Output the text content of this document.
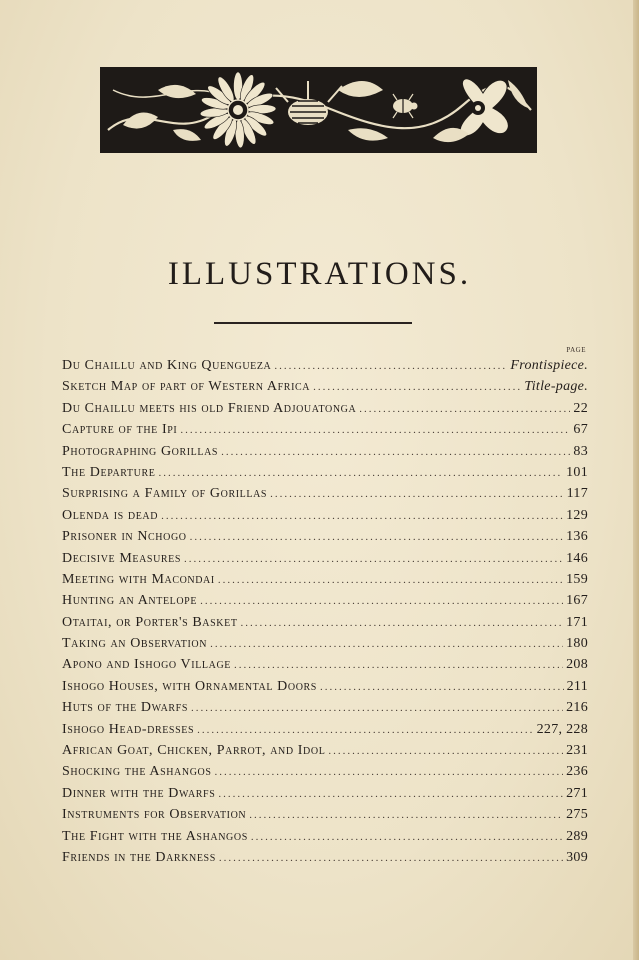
ILLUSTRATIONS.
PAGE
Du Chaillu and King Quengueza .....	Frontispiece.
Sketch Map of part of Western Africa .....	Title-page.
Du Chaillu meets his old Friend Adjouatonga .....	22
Capture of the Ipi .....	67
Photographing Gorillas .....	83
The Departure .....	101
Surprising a Family of Gorillas .....	117
Olenda is dead .....	129
Prisoner in Nchogo .....	136
Decisive Measures .....	146
Meeting with Macondai .....	159
Hunting an Antelope .....	167
Otaitai, or Porter's Basket .....	171
Taking an Observation .....	180
Apono and Ishogo Village .....	208
Ishogo Houses, with Ornamental Doors .....	211
Huts of the Dwarfs .....	216
Ishogo Head-dresses .....	227, 228
African Goat, Chicken, Parrot, and Idol .....	231
Shocking the Ashangos .....	236
Dinner with the Dwarfs .....	271
Instruments for Observation .....	275
The Fight with the Ashangos .....	289
Friends in the Darkness .....	309
